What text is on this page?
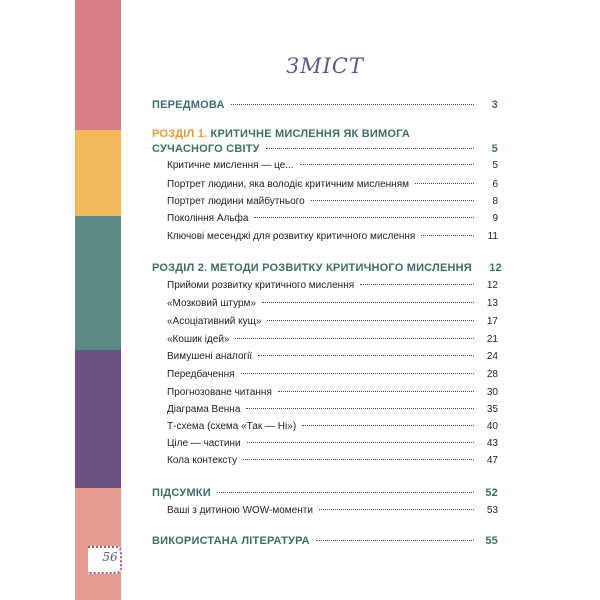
56
ЗМІСТ
ПЕРЕДМОВА	3
РОЗДІЛ 1. КРИТИЧНЕ МИСЛЕННЯ ЯК ВИМОГА
СУЧАСНОГО СВІТУ	5
Критичне мислення — це...	5
Портрет людини, яка володіє критичним мисленням	6
Портрет людини майбутнього	8
Покоління Альфа	9
Ключові месенджі для розвитку критичного мислення	11
РОЗДІЛ 2. МЕТОДИ РОЗВИТКУ КРИТИЧНОГО МИСЛЕННЯ	12
Прийоми розвитку критичного мислення	12
«Мозковий штурм»	13
«Асоціативний кущ»	17
«Кошик ідей»	21
Вимушені аналогії	24
Передбачення	28
Прогнозоване читання	30
Діаграма Венна	35
Т-схема (схема «Так — Ні»)	40
Ціле — частини	43
Кола контексту	47
ПІДСУМКИ	52
Ваші з дитиною WOW-моменти	53
ВИКОРИСТАНА ЛІТЕРАТУРА	55
